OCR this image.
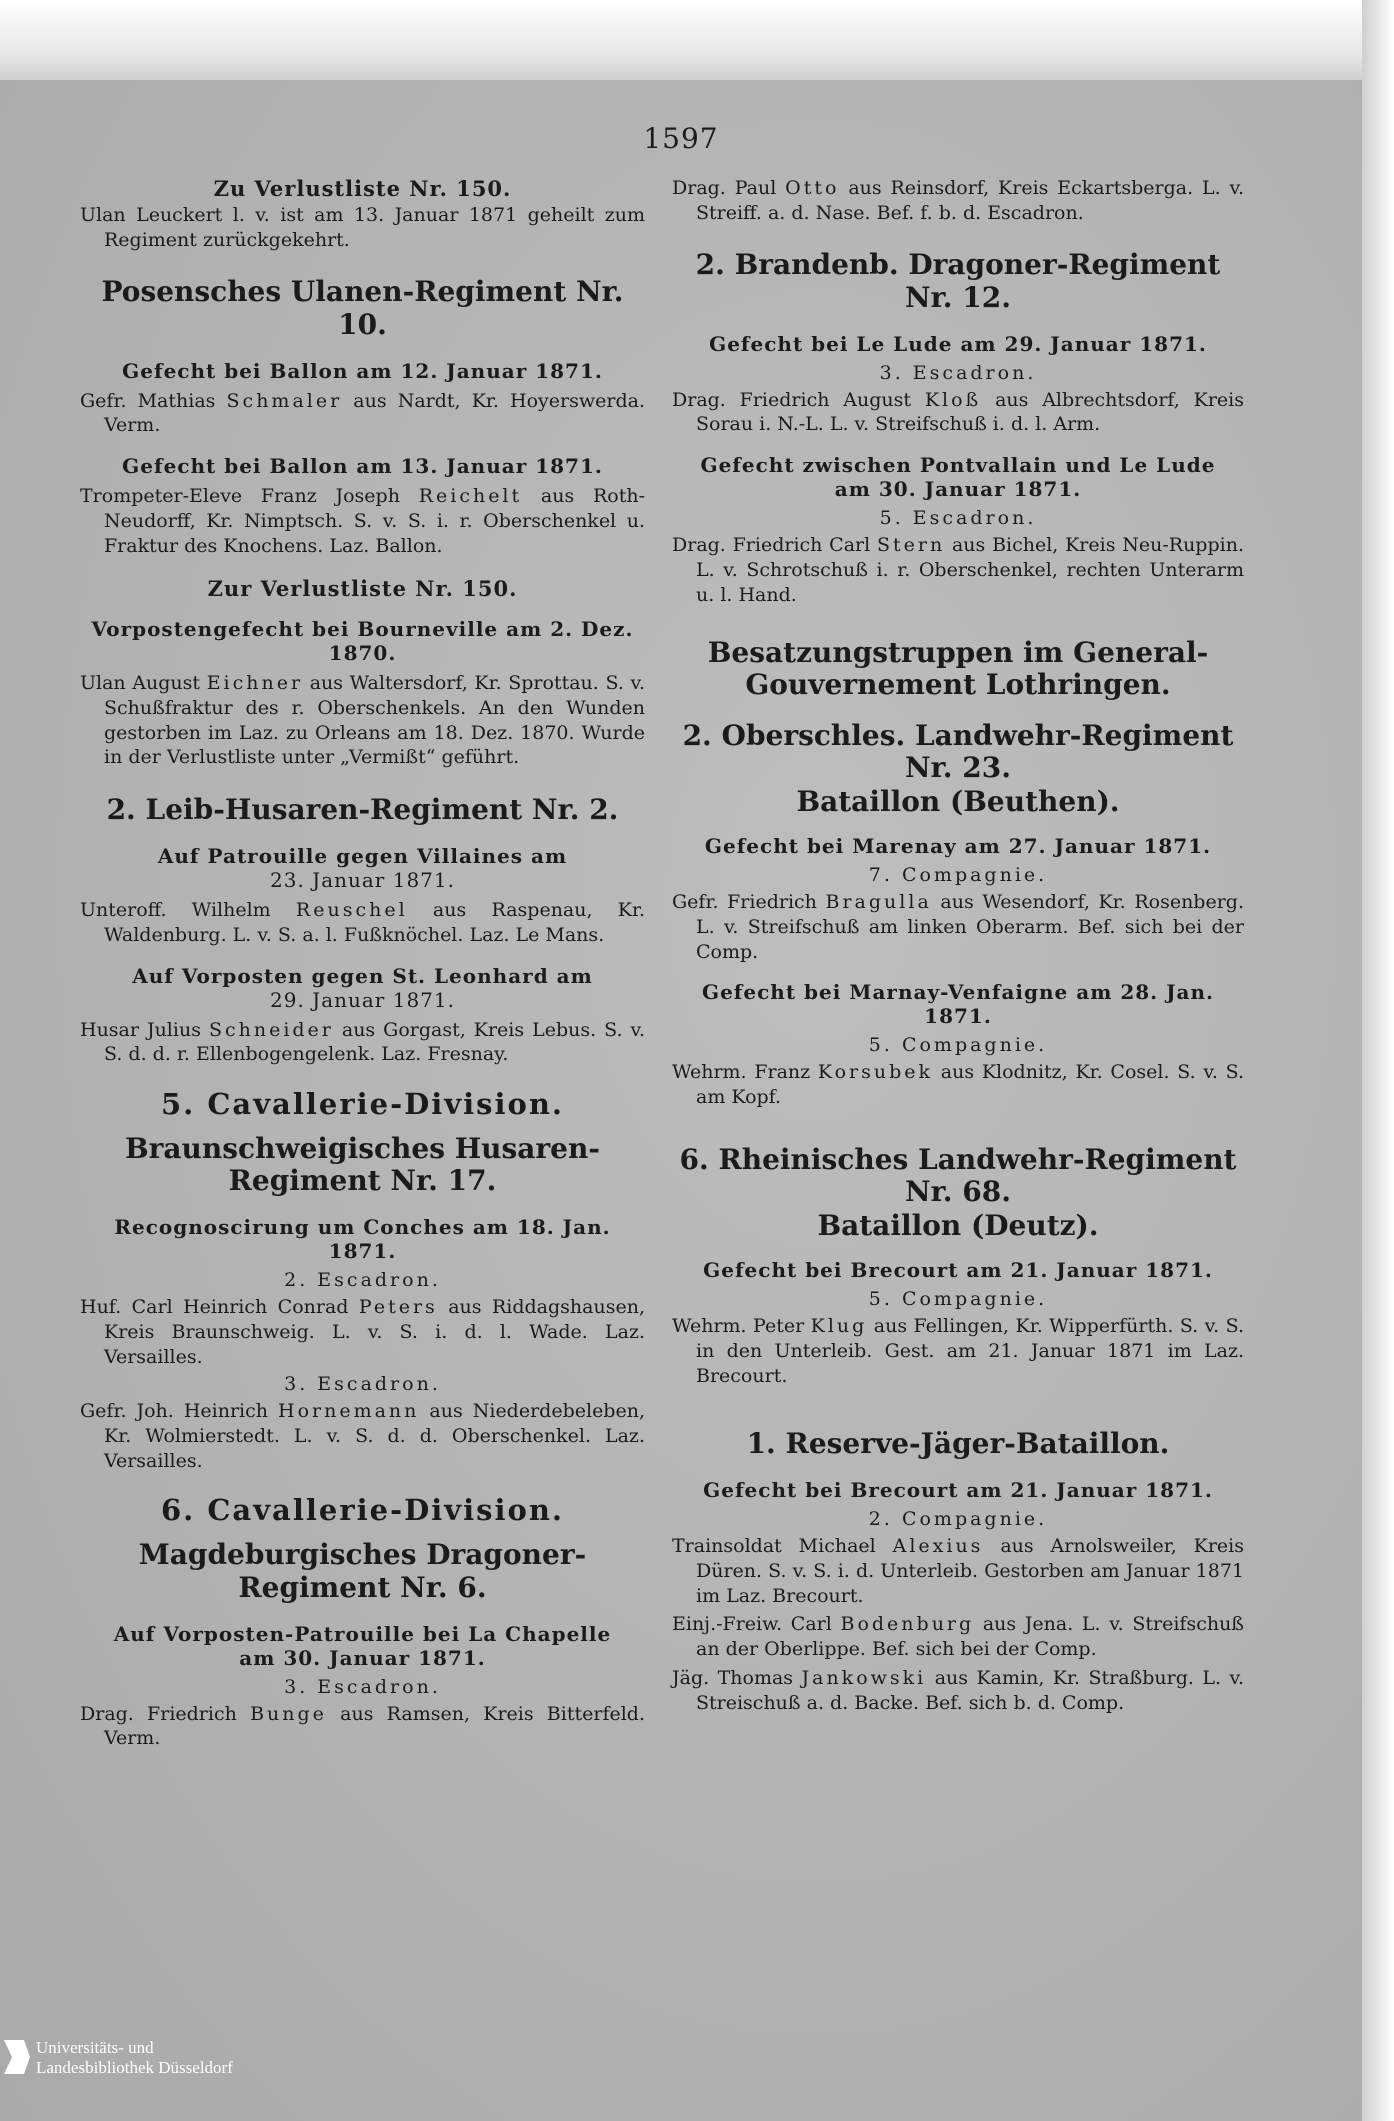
1597
Zu Verlustliste Nr. 150.

Ulan Leuckert l. v. ist am 13. Januar 1871 geheilt zum Regiment zurückgekehrt.

Posensches Ulanen-Regiment Nr. 10.
Gefecht bei Ballon am 12. Januar 1871.

Gefr. Mathias Schmaler aus Nardt, Kr. Hoyerswerda. Verm.

Gefecht bei Ballon am 13. Januar 1871.

Trompeter-Eleve Franz Joseph Reichelt aus Roth-Neudorff, Kr. Nimptsch. S. v. S. i. r. Oberschenkel u. Fraktur des Knochens. Laz. Ballon.

Zur Verlustliste Nr. 150.
Vorpostengefecht bei Bourneville am 2. Dez. 1870.

Ulan August Eichner aus Waltersdorf, Kr. Sprottau. S. v. Schußfraktur des r. Oberschenkels. An den Wunden gestorben im Laz. zu Orleans am 18. Dez. 1870. Wurde in der Verlustliste unter „Vermißt“ geführt.

2. Leib-Husaren-Regiment Nr. 2.
Auf Patrouille gegen Villaines am
23. Januar 1871.

Unteroff. Wilhelm Reuschel aus Raspenau, Kr. Waldenburg. L. v. S. a. l. Fußknöchel. Laz. Le Mans.

Auf Vorposten gegen St. Leonhard am
29. Januar 1871.

Husar Julius Schneider aus Gorgast, Kreis Lebus. S. v. S. d. d. r. Ellenbogengelenk. Laz. Fresnay.

5. Cavallerie-Division.
Braunschweigisches Husaren-Regiment Nr. 17.
Recognoscirung um Conches am 18. Jan. 1871.
2. Escadron.

Huf. Carl Heinrich Conrad Peters aus Riddagshausen, Kreis Braunschweig. L. v. S. i. d. l. Wade. Laz. Versailles.

3. Escadron.

Gefr. Joh. Heinrich Hornemann aus Niederdebeleben, Kr. Wolmierstedt. L. v. S. d. d. Oberschenkel. Laz. Versailles.

6. Cavallerie-Division.
Magdeburgisches Dragoner-Regiment Nr. 6.
Auf Vorposten-Patrouille bei La Chapelle
am 30. Januar 1871.
3. Escadron.

Drag. Friedrich Bunge aus Ramsen, Kreis Bitterfeld. Verm.

Drag. Paul Otto aus Reinsdorf, Kreis Eckartsberga. L. v. Streiff. a. d. Nase. Bef. f. b. d. Escadron.

2. Brandenb. Dragoner-Regiment Nr. 12.
Gefecht bei Le Lude am 29. Januar 1871.
3. Escadron.

Drag. Friedrich August Kloß aus Albrechtsdorf, Kreis Sorau i. N.-L. L. v. Streifschuß i. d. l. Arm.

Gefecht zwischen Pontvallain und Le Lude
am 30. Januar 1871.
5. Escadron.

Drag. Friedrich Carl Stern aus Bichel, Kreis Neu-Ruppin. L. v. Schrotschuß i. r. Oberschenkel, rechten Unterarm u. l. Hand.

Besatzungstruppen im General-Gouvernement Lothringen.
2. Oberschles. Landwehr-Regiment Nr. 23.
Bataillon (Beuthen).
Gefecht bei Marenay am 27. Januar 1871.
7. Compagnie.

Gefr. Friedrich Bragulla aus Wesendorf, Kr. Rosenberg. L. v. Streifschuß am linken Oberarm. Bef. sich bei der Comp.

Gefecht bei Marnay-Venfaigne am 28. Jan. 1871.
5. Compagnie.

Wehrm. Franz Korsubek aus Klodnitz, Kr. Cosel. S. v. S. am Kopf.

6. Rheinisches Landwehr-Regiment Nr. 68.
Bataillon (Deutz).
Gefecht bei Brecourt am 21. Januar 1871.
5. Compagnie.

Wehrm. Peter Klug aus Fellingen, Kr. Wipperfürth. S. v. S. in den Unterleib. Gest. am 21. Januar 1871 im Laz. Brecourt.

1. Reserve-Jäger-Bataillon.
Gefecht bei Brecourt am 21. Januar 1871.
2. Compagnie.

Trainsoldat Michael Alexius aus Arnolsweiler, Kreis Düren. S. v. S. i. d. Unterleib. Gestorben am Januar 1871 im Laz. Brecourt.

Einj.-Freiw. Carl Bodenburg aus Jena. L. v. Streifschuß an der Oberlippe. Bef. sich bei der Comp.

Jäg. Thomas Jankowski aus Kamin, Kr. Straßburg. L. v. Streischuß a. d. Backe. Bef. sich b. d. Comp.

Universitäts- und
Landesbibliothek Düsseldorf
